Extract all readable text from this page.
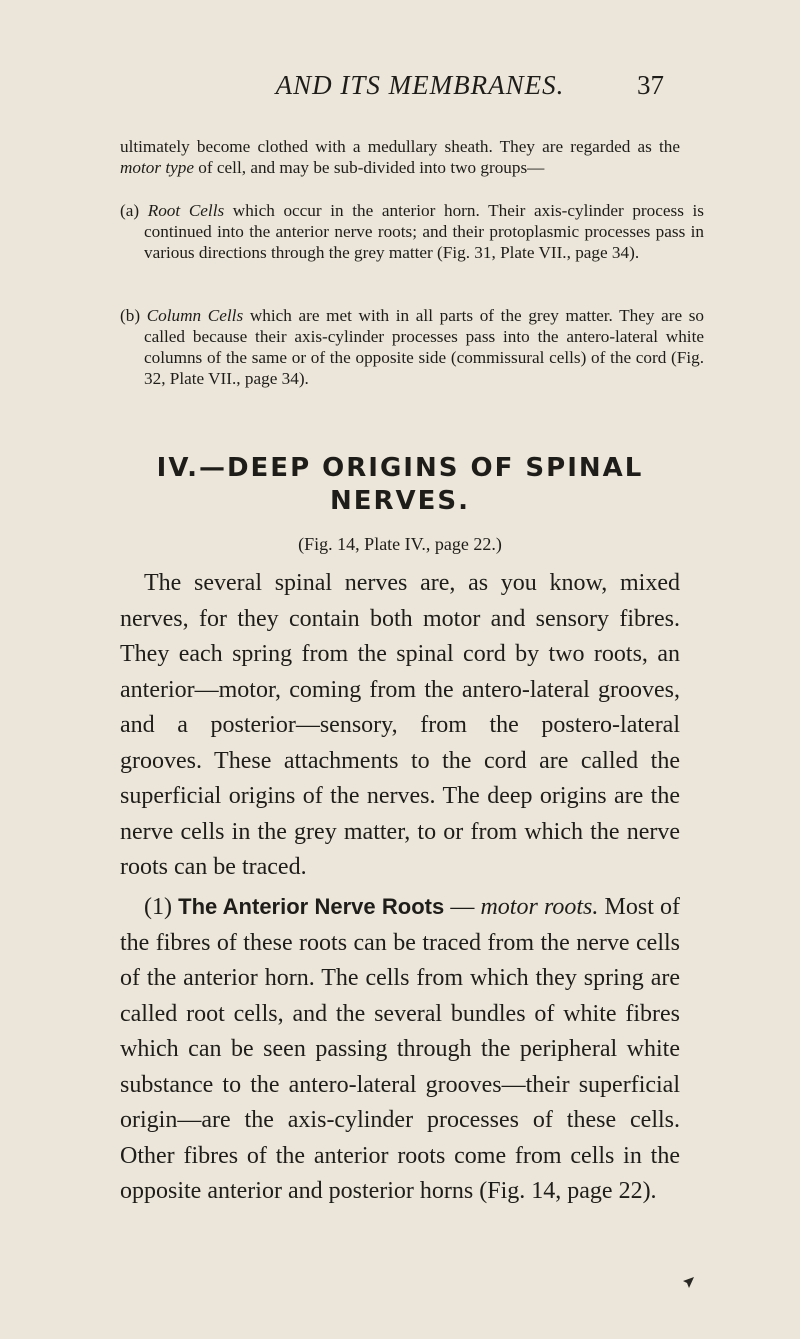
AND ITS MEMBRANES.	37
ultimately become clothed with a medullary sheath. They are regarded as the motor type of cell, and may be sub-divided into two groups—
(a) Root Cells which occur in the anterior horn. Their axis-cylinder process is continued into the anterior nerve roots; and their protoplasmic processes pass in various directions through the grey matter (Fig. 31, Plate VII., page 34).
(b) Column Cells which are met with in all parts of the grey matter. They are so called because their axis-cylinder processes pass into the antero-lateral white columns of the same or of the opposite side (commissural cells) of the cord (Fig. 32, Plate VII., page 34).
IV.—DEEP ORIGINS OF SPINAL NERVES.
(Fig. 14, Plate IV., page 22.)
The several spinal nerves are, as you know, mixed nerves, for they contain both motor and sensory fibres. They each spring from the spinal cord by two roots, an anterior—motor, coming from the antero-lateral grooves, and a posterior—sensory, from the postero-lateral grooves. These attachments to the cord are called the superficial origins of the nerves. The deep origins are the nerve cells in the grey matter, to or from which the nerve roots can be traced.
(1) The Anterior Nerve Roots — motor roots. Most of the fibres of these roots can be traced from the nerve cells of the anterior horn. The cells from which they spring are called root cells, and the several bundles of white fibres which can be seen passing through the peripheral white substance to the antero-lateral grooves—their superficial origin—are the axis-cylinder processes of these cells. Other fibres of the anterior roots come from cells in the opposite anterior and posterior horns (Fig. 14, page 22).
